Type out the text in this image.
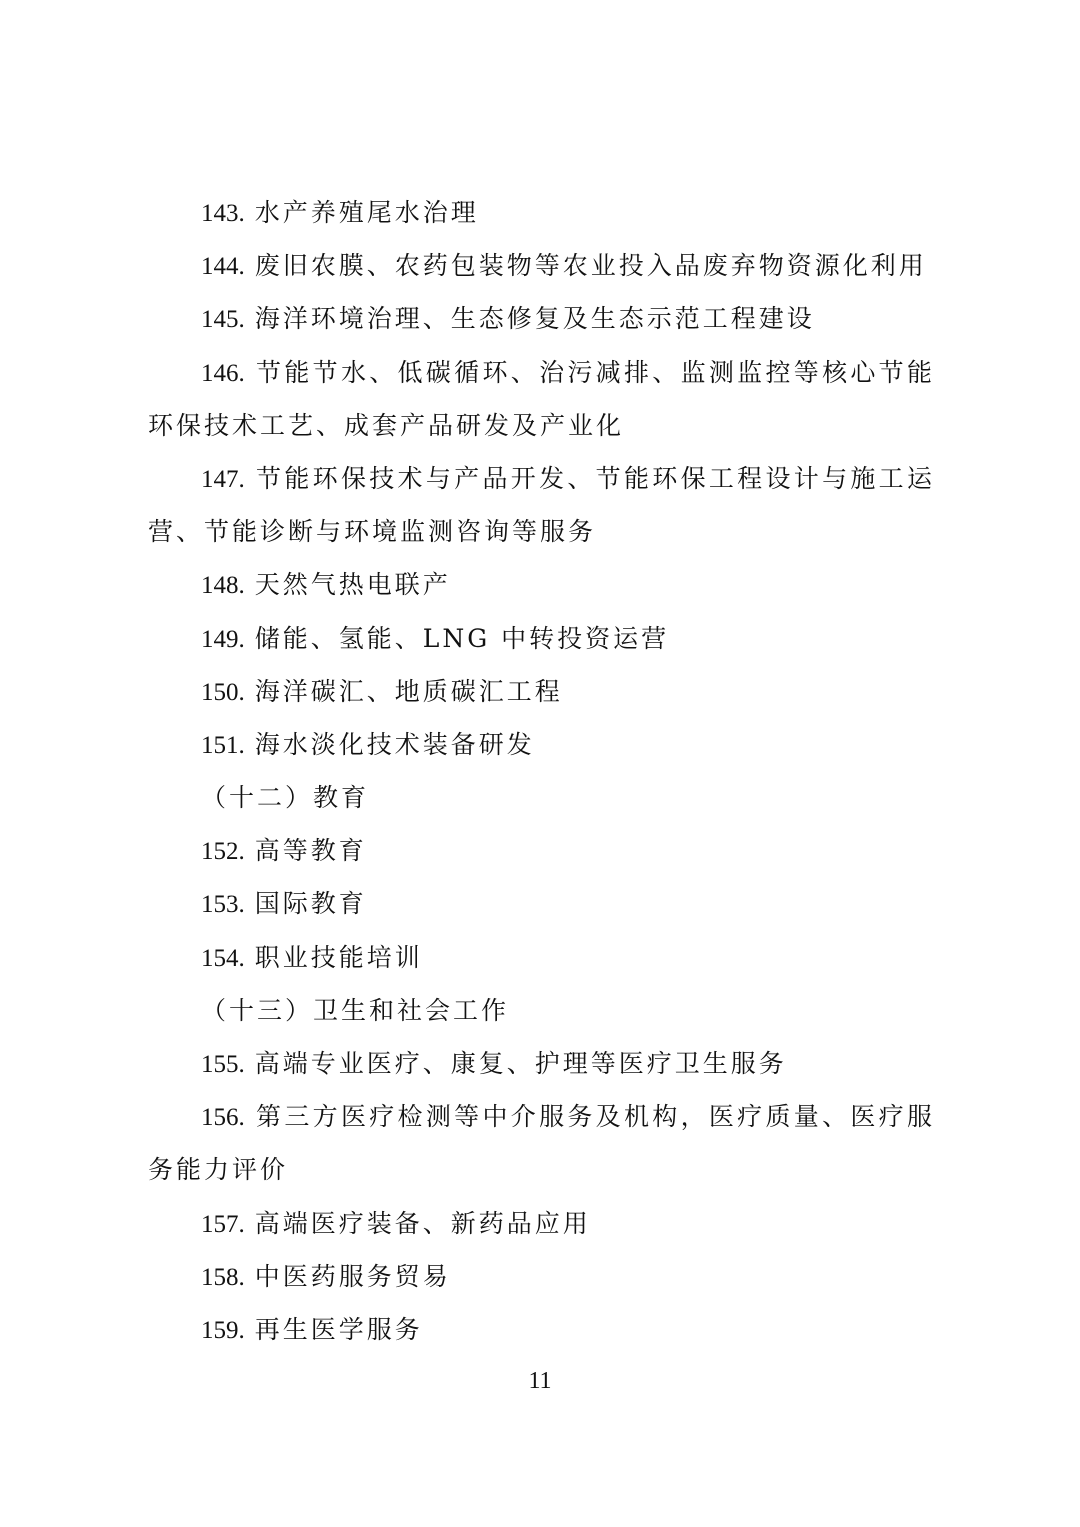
143. 水产养殖尾水治理
144. 废旧农膜、农药包装物等农业投入品废弃物资源化利用
145. 海洋环境治理、生态修复及生态示范工程建设
146. 节能节水、低碳循环、治污减排、监测监控等核心节能
环保技术工艺、成套产品研发及产业化
147. 节能环保技术与产品开发、节能环保工程设计与施工运
营、节能诊断与环境监测咨询等服务
148. 天然气热电联产
149. 储能、氢能、LNG 中转投资运营
150. 海洋碳汇、地质碳汇工程
151. 海水淡化技术装备研发
（十二）教育
152. 高等教育
153. 国际教育
154. 职业技能培训
（十三）卫生和社会工作
155. 高端专业医疗、康复、护理等医疗卫生服务
156. 第三方医疗检测等中介服务及机构，医疗质量、医疗服
务能力评价
157. 高端医疗装备、新药品应用
158. 中医药服务贸易
159. 再生医学服务
11
